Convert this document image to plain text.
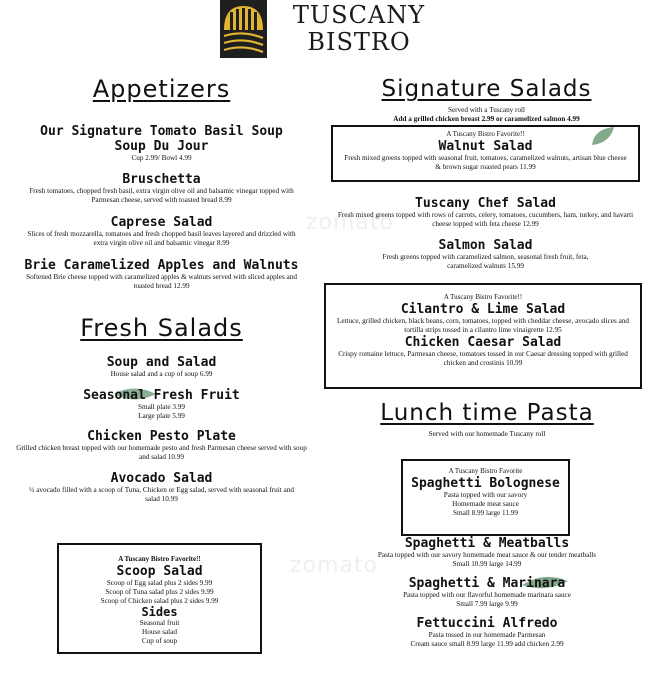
TUSCANY
BISTRO
zomato
zomato
Appetizers
Our Signature Tomato Basil Soup
Soup Du Jour
Cup 2.99/ Bowl 4.99
Bruschetta
Fresh tomatoes, chopped fresh basil, extra virgin olive oil and balsamic vinegar topped with Parmesan cheese, served with toasted bread 8.99
Caprese Salad
Slices of fresh mozzarella, tomatoes and fresh chopped basil leaves layered and drizzled with extra virgin olive oil and balsamic vinegar 8.99
Brie Caramelized Apples and Walnuts
Softened Brie cheese topped with caramelized apples & walnuts served with sliced apples and toasted bread 12.99
Fresh Salads
Soup and Salad
House salad and a cup of soup 6.99
Seasonal Fresh Fruit
Small plate 3.99
Large plate 5.99
Chicken Pesto Plate
Grilled chicken breast topped with our homemade pesto and fresh Parmesan cheese served with soup and salad 10.99
Avocado Salad
½ avocado filled with a scoop of Tuna, Chicken or Egg salad, served with seasonal fruit and salad 10.99
A Tuscany Bistro Favorite!!
Scoop Salad
Scoop of Egg salad plus 2 sides 9.99
Scoop of Tuna salad plus 2 sides 9.99
Scoop of Chicken salad plus 2 sides 9.99
Sides
Seasonal fruit
House salad
Cup of soup
Signature Salads
Served with a Tuscany roll
Add a grilled chicken breast 2.99 or caramelized salmon 4.99
A Tuscany Bistro Favorite!!
Walnut Salad
Fresh mixed greens topped with seasonal fruit, tomatoes, caramelized walnuts, artisan blue cheese & brown sugar roasted pears 11.99
Tuscany Chef Salad
Fresh mixed greens topped with rows of carrots, celery, tomatoes, cucumbers, ham, turkey, and havarti cheese topped with feta cheese 12.99
Salmon Salad
Fresh greens topped with caramelized salmon, seasonal fresh fruit, feta, caramelized walnuts 15.99
A Tuscany Bistro Favorite!!
Cilantro & Lime Salad
Lettuce, grilled chicken, black beans, corn, tomatoes, topped with cheddar cheese, avocado slices and tortilla strips tossed in a cilantro lime vinaigrette 12.95
Chicken Caesar Salad
Crispy romaine lettuce, Parmesan cheese, tomatoes tossed in our Caesar dressing topped with grilled chicken and crostinis 10.99
Lunch time Pasta
Served with our homemade Tuscany roll
A Tuscany Bistro Favorite
Spaghetti Bolognese
Pasta topped with our savory
Homemade meat sauce
Small 8.99 large 11.99
Spaghetti & Meatballs
Pasta topped with our savory homemade meat sauce & our tender meatballs
Small 10.99 large 14.99
Spaghetti & Marinara
Pasta topped with our flavorful homemade marinara sauce
Small 7.99 large 9.99
Fettuccini Alfredo
Pasta tossed in our homemade Parmesan
Cream sauce small 8.99 large 11.99 add chicken 2.99
